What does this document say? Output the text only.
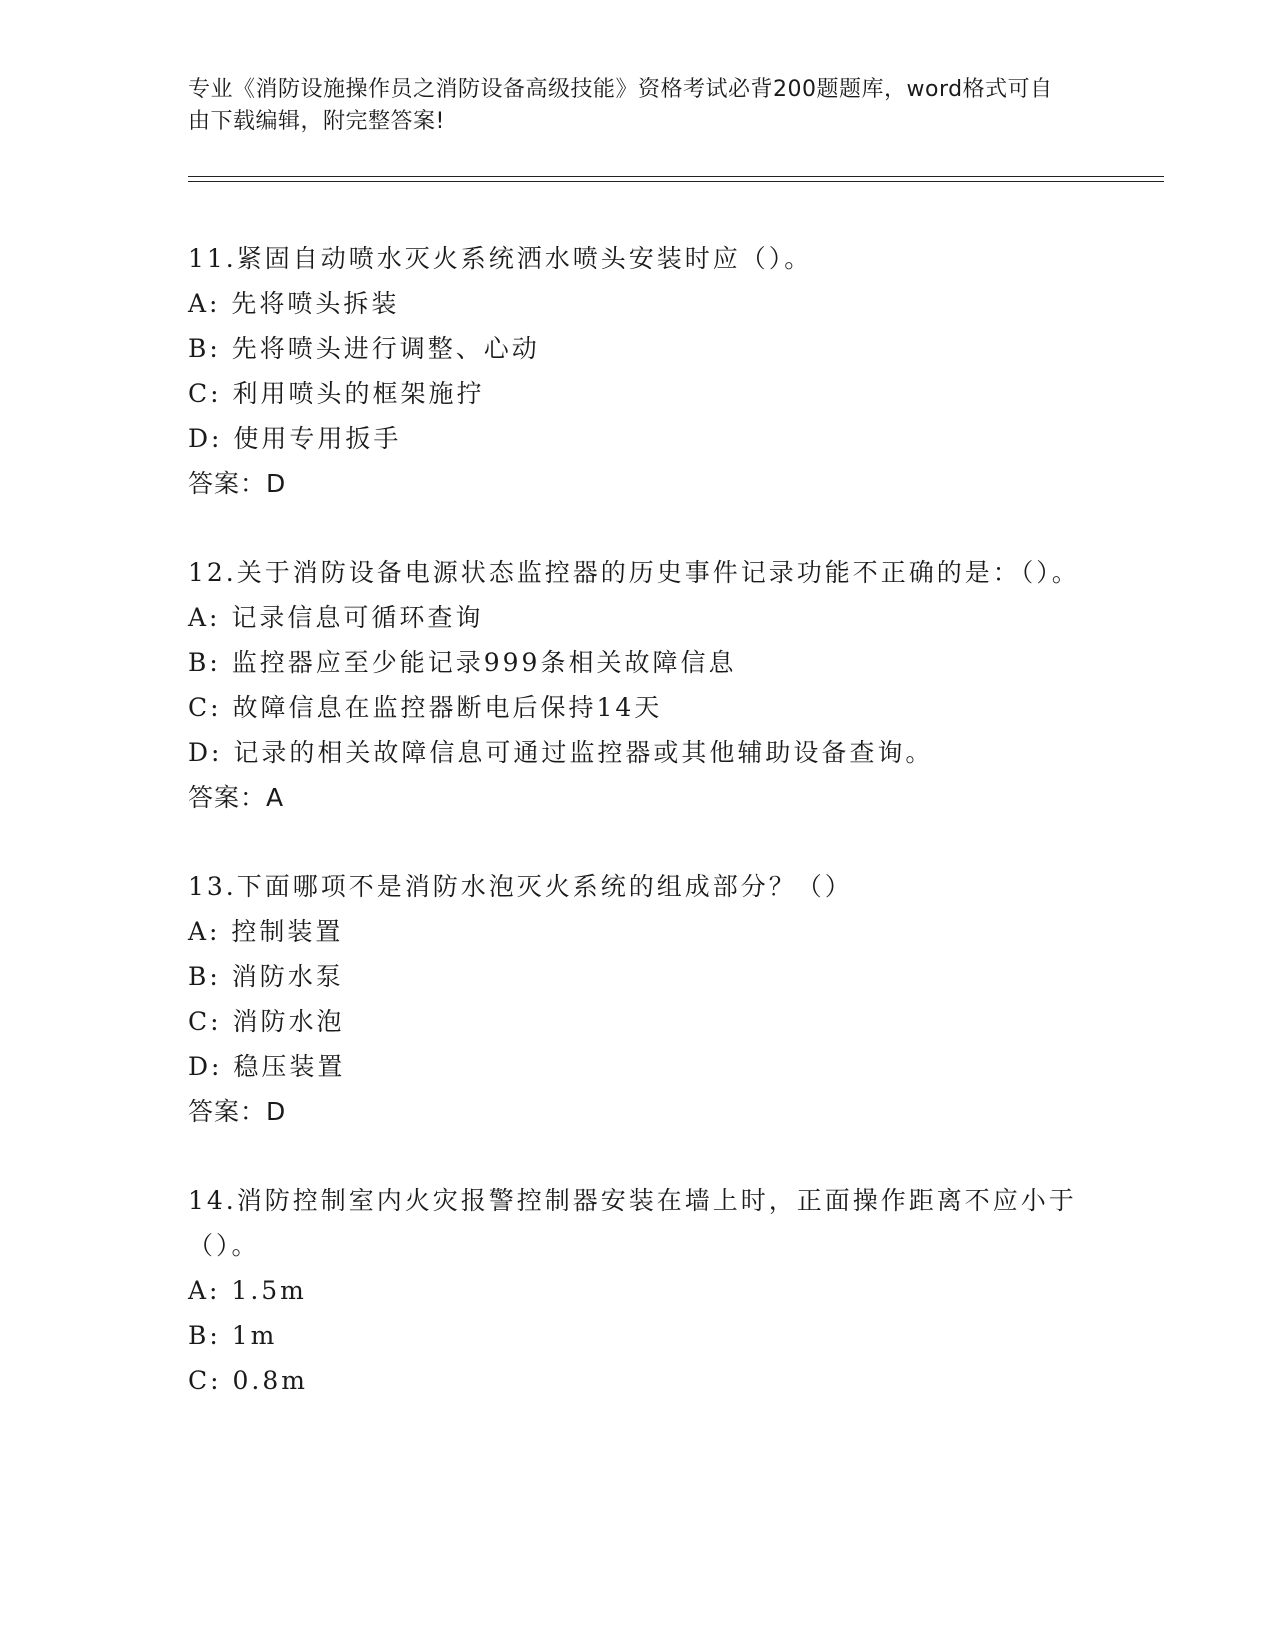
专业《消防设施操作员之消防设备高级技能》资格考试必背200题题库，word格式可自由下载编辑，附完整答案!
11.紧固自动喷水灭火系统洒水喷头安装时应（）。
A: 先将喷头拆装
B: 先将喷头进行调整、心动
C: 利用喷头的框架施拧
D: 使用专用扳手
答案：D
12.关于消防设备电源状态监控器的历史事件记录功能不正确的是：（）。
A: 记录信息可循环查询
B: 监控器应至少能记录999条相关故障信息
C: 故障信息在监控器断电后保持14天
D: 记录的相关故障信息可通过监控器或其他辅助设备查询。
答案：A
13.下面哪项不是消防水泡灭火系统的组成部分？（）
A: 控制装置
B: 消防水泵
C: 消防水泡
D: 稳压装置
答案：D
14.消防控制室内火灾报警控制器安装在墙上时，正面操作距离不应小于（）。
A: 1.5m
B: 1m
C: 0.8m
